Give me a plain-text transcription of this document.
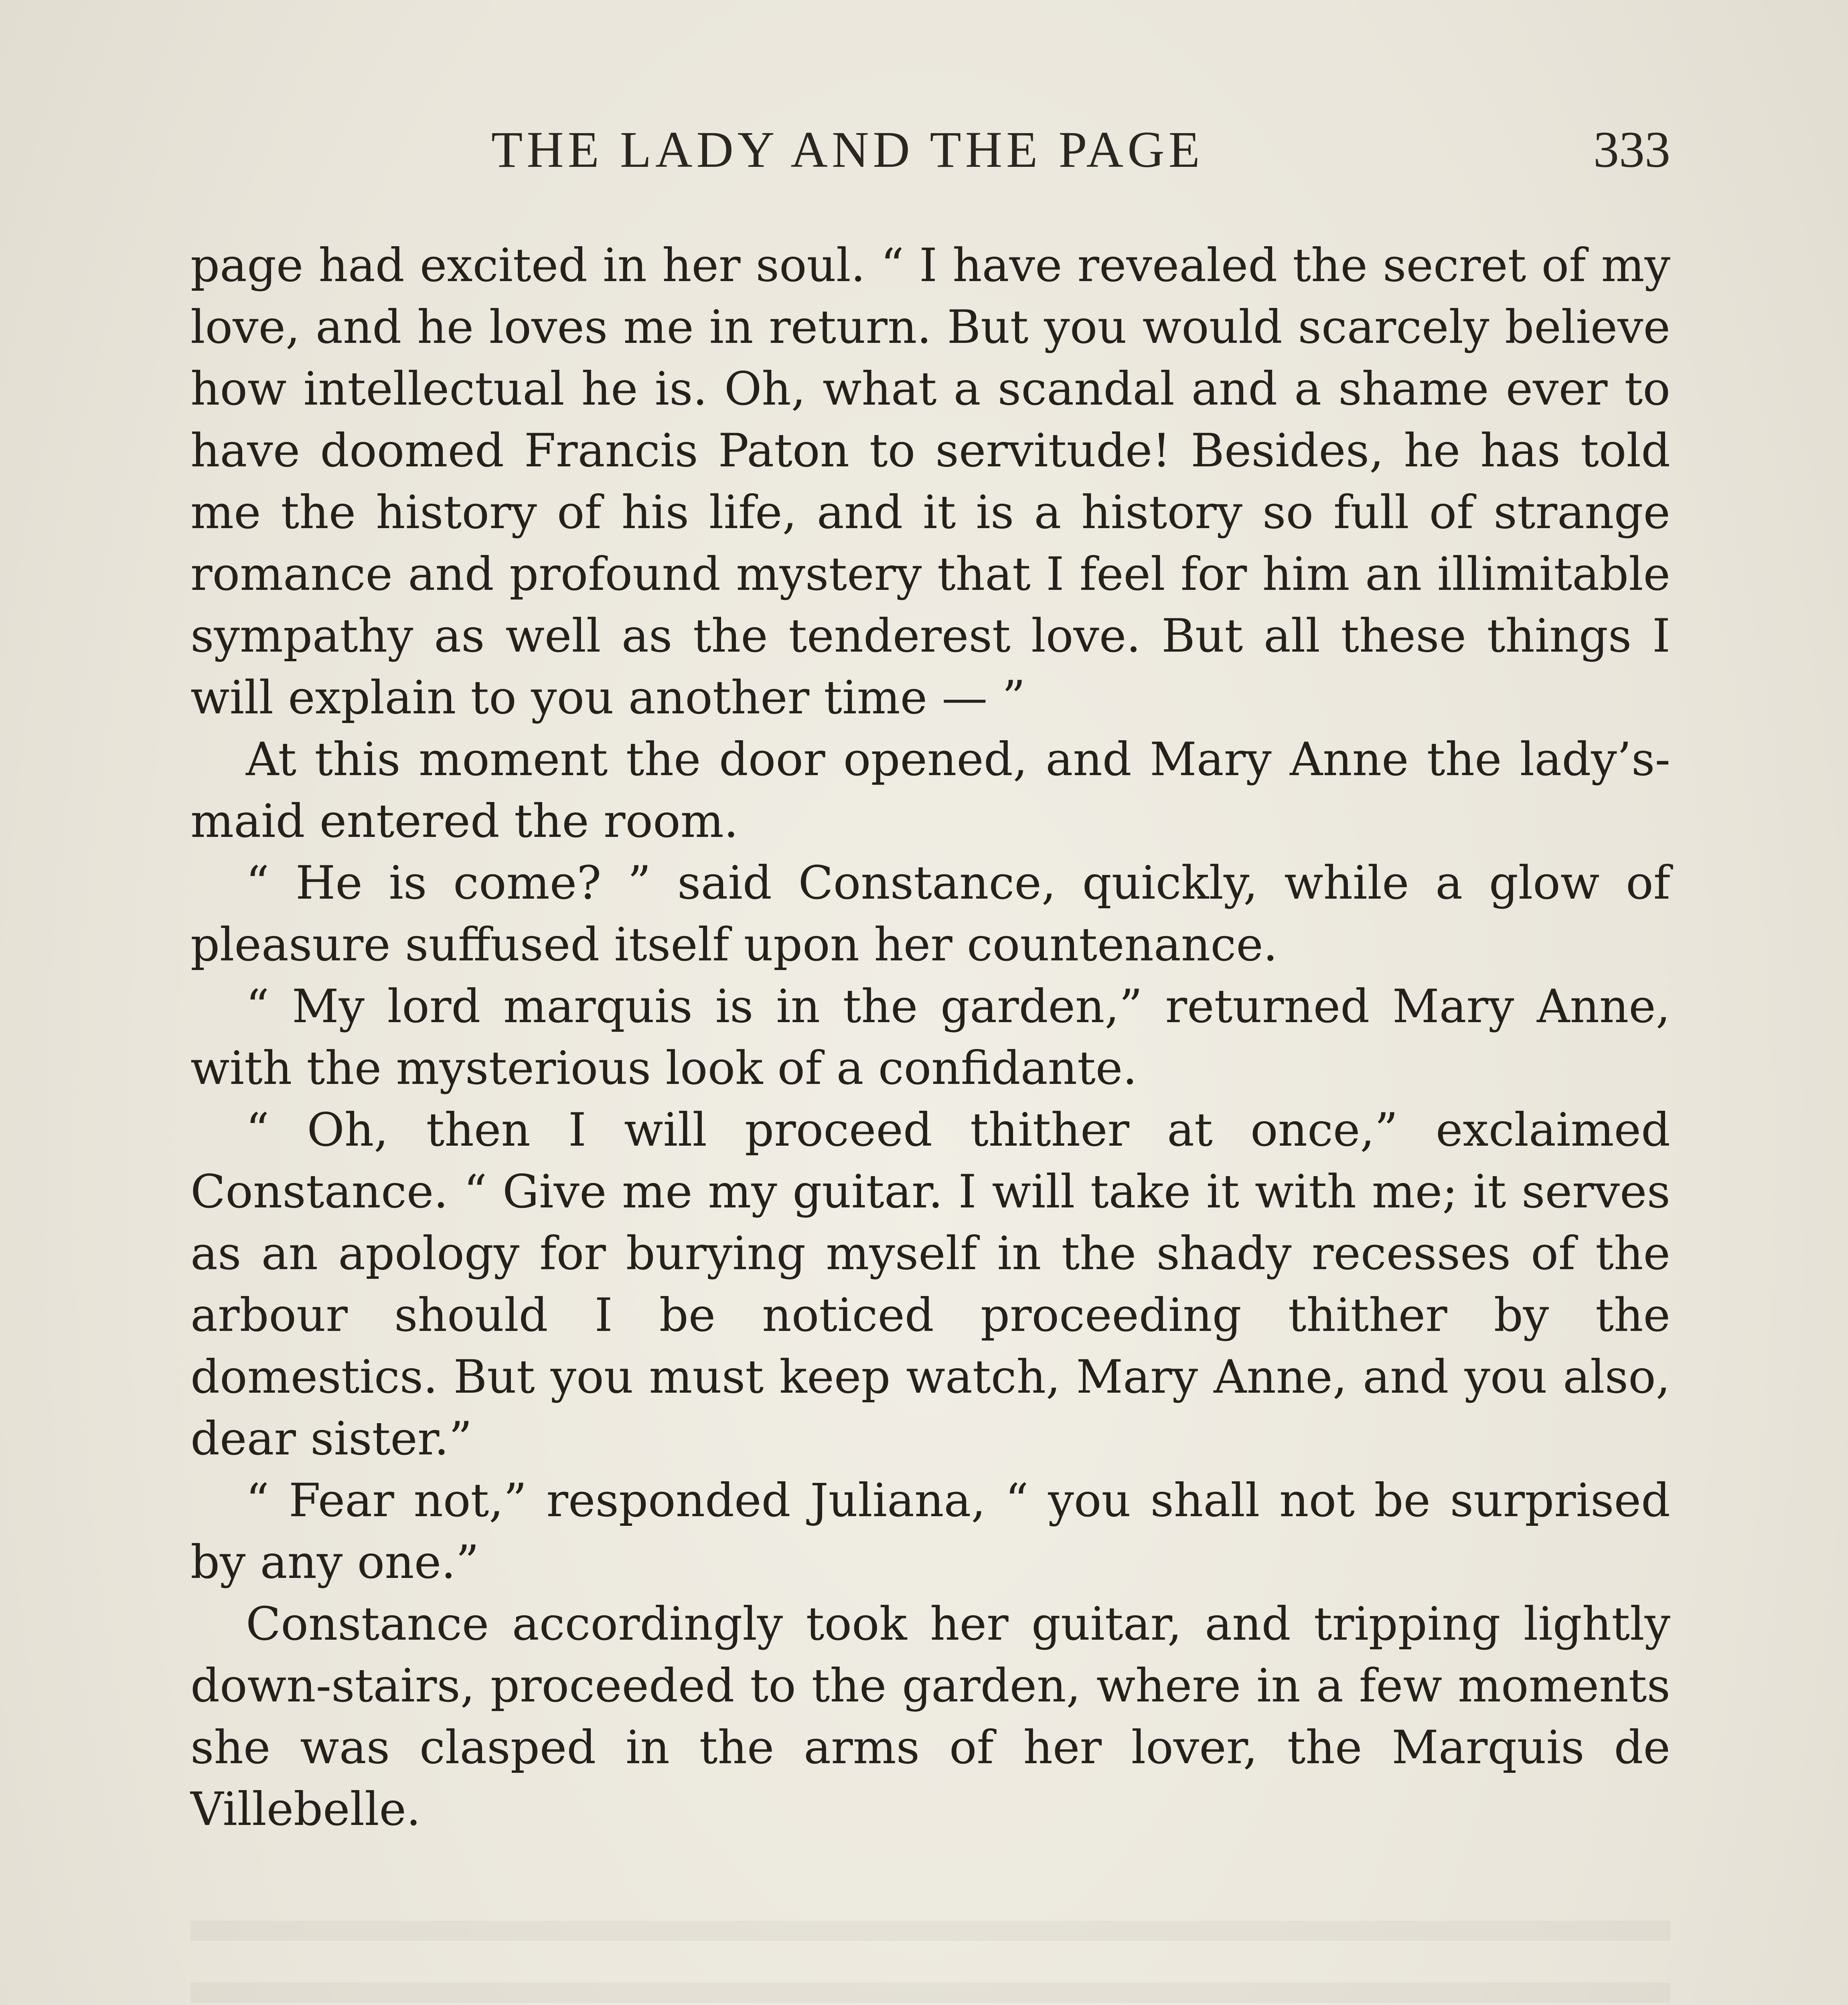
THE LADY AND THE PAGE	333

page had excited in her soul. “ I have revealed the secret of my love, and he loves me in return. But you would scarcely believe how intellectual he is. Oh, what a scandal and a shame ever to have doomed Francis Paton to servitude! Besides, he has told me the history of his life, and it is a history so full of strange romance and profound mystery that I feel for him an illimitable sympathy as well as the tenderest love. But all these things I will explain to you another time — ”

At this moment the door opened, and Mary Anne the lady’s-maid entered the room.

“ He is come? ” said Constance, quickly, while a glow of pleasure suffused itself upon her countenance.

“ My lord marquis is in the garden,” returned Mary Anne, with the mysterious look of a confidante.

“ Oh, then I will proceed thither at once,” exclaimed Constance. “ Give me my guitar. I will take it with me; it serves as an apology for burying myself in the shady recesses of the arbour should I be noticed proceeding thither by the domestics. But you must keep watch, Mary Anne, and you also, dear sister.”

“ Fear not,” responded Juliana, “ you shall not be surprised by any one.”

Constance accordingly took her guitar, and tripping lightly down-stairs, proceeded to the garden, where in a few moments she was clasped in the arms of her lover, the Marquis de Villebelle.
